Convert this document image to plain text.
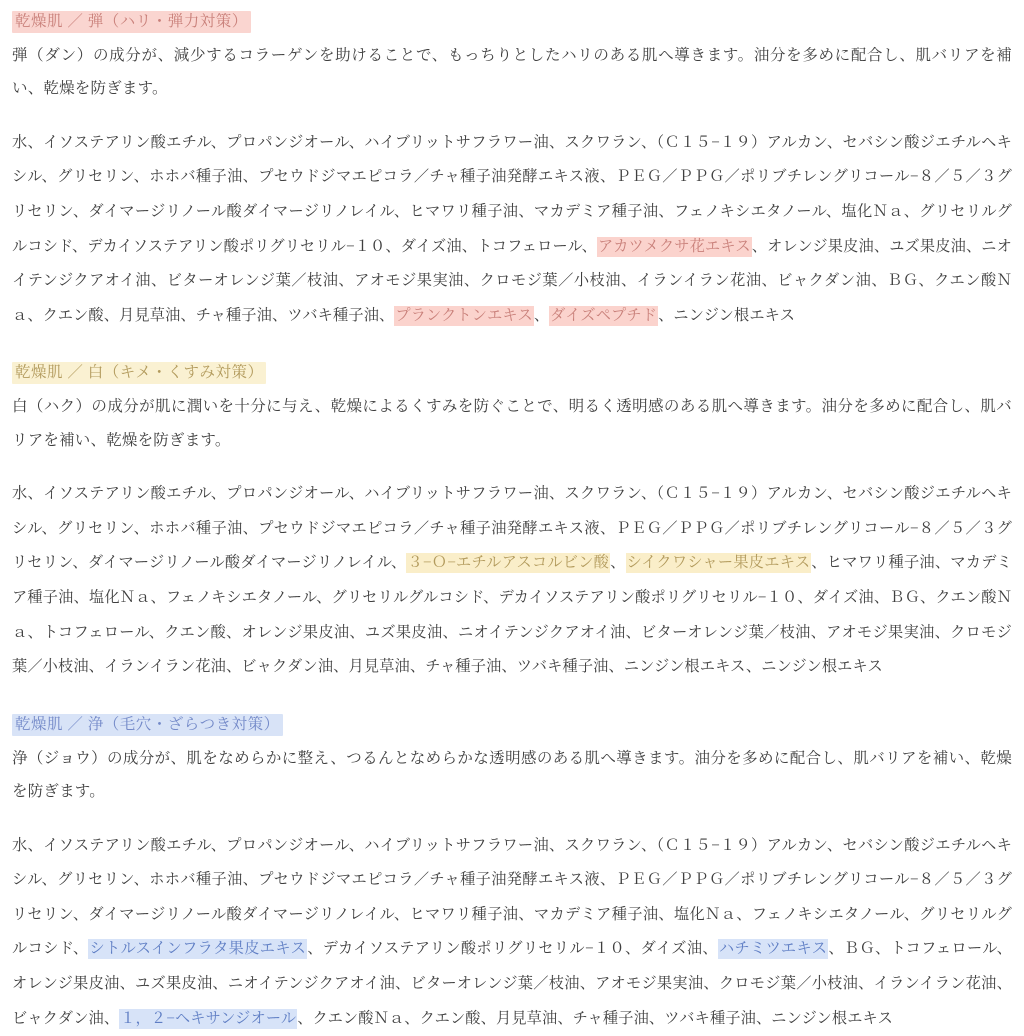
乾燥肌 ／ 弾（ハリ・弾力対策）

弾（ダン）の成分が、減少するコラーゲンを助けることで、もっちりとしたハリのある肌へ導きます。油分を多めに配合し、肌バリアを補い、乾燥を防ぎます。

水、イソステアリン酸エチル、プロパンジオール、ハイブリットサフラワー油、スクワラン、（Ｃ１５−１９）アルカン、セバシン酸ジエチルヘキシル、グリセリン、ホホバ種子油、プセウドジマエピコラ／チャ種子油発酵エキス液、ＰＥＧ／ＰＰＧ／ポリブチレングリコール−８／５／３グリセリン、ダイマージリノール酸ダイマージリノレイル、ヒマワリ種子油、マカデミア種子油、フェノキシエタノール、塩化Ｎａ、グリセリルグルコシド、デカイソステアリン酸ポリグリセリル−１０、ダイズ油、トコフェロール、アカツメクサ花エキス、オレンジ果皮油、ユズ果皮油、ニオイテンジクアオイ油、ビターオレンジ葉／枝油、アオモジ果実油、クロモジ葉／小枝油、イランイラン花油、ビャクダン油、ＢＧ、クエン酸Ｎａ、クエン酸、月見草油、チャ種子油、ツバキ種子油、プランクトンエキス、ダイズペプチド、ニンジン根エキス

乾燥肌 ／ 白（キメ・くすみ対策）

白（ハク）の成分が肌に潤いを十分に与え、乾燥によるくすみを防ぐことで、明るく透明感のある肌へ導きます。油分を多めに配合し、肌バリアを補い、乾燥を防ぎます。

水、イソステアリン酸エチル、プロパンジオール、ハイブリットサフラワー油、スクワラン、（Ｃ１５−１９）アルカン、セバシン酸ジエチルヘキシル、グリセリン、ホホバ種子油、プセウドジマエピコラ／チャ種子油発酵エキス液、ＰＥＧ／ＰＰＧ／ポリブチレングリコール−８／５／３グリセリン、ダイマージリノール酸ダイマージリノレイル、３−Ｏ−エチルアスコルビン酸、シイクワシャー果皮エキス、ヒマワリ種子油、マカデミア種子油、塩化Ｎａ、フェノキシエタノール、グリセリルグルコシド、デカイソステアリン酸ポリグリセリル−１０、ダイズ油、ＢＧ、クエン酸Ｎａ、トコフェロール、クエン酸、オレンジ果皮油、ユズ果皮油、ニオイテンジクアオイ油、ビターオレンジ葉／枝油、アオモジ果実油、クロモジ葉／小枝油、イランイラン花油、ビャクダン油、月見草油、チャ種子油、ツバキ種子油、ニンジン根エキス、ニンジン根エキス

乾燥肌 ／ 浄（毛穴・ざらつき対策）

浄（ジョウ）の成分が、肌をなめらかに整え、つるんとなめらかな透明感のある肌へ導きます。油分を多めに配合し、肌バリアを補い、乾燥を防ぎます。

水、イソステアリン酸エチル、プロパンジオール、ハイブリットサフラワー油、スクワラン、（Ｃ１５−１９）アルカン、セバシン酸ジエチルヘキシル、グリセリン、ホホバ種子油、プセウドジマエピコラ／チャ種子油発酵エキス液、ＰＥＧ／ＰＰＧ／ポリブチレングリコール−８／５／３グリセリン、ダイマージリノール酸ダイマージリノレイル、ヒマワリ種子油、マカデミア種子油、塩化Ｎａ、フェノキシエタノール、グリセリルグルコシド、シトルスインフラタ果皮エキス、デカイソステアリン酸ポリグリセリル−１０、ダイズ油、ハチミツエキス、ＢＧ、トコフェロール、オレンジ果皮油、ユズ果皮油、ニオイテンジクアオイ油、ビターオレンジ葉／枝油、アオモジ果実油、クロモジ葉／小枝油、イランイラン花油、ビャクダン油、１，２−ヘキサンジオール、クエン酸Ｎａ、クエン酸、月見草油、チャ種子油、ツバキ種子油、ニンジン根エキス
